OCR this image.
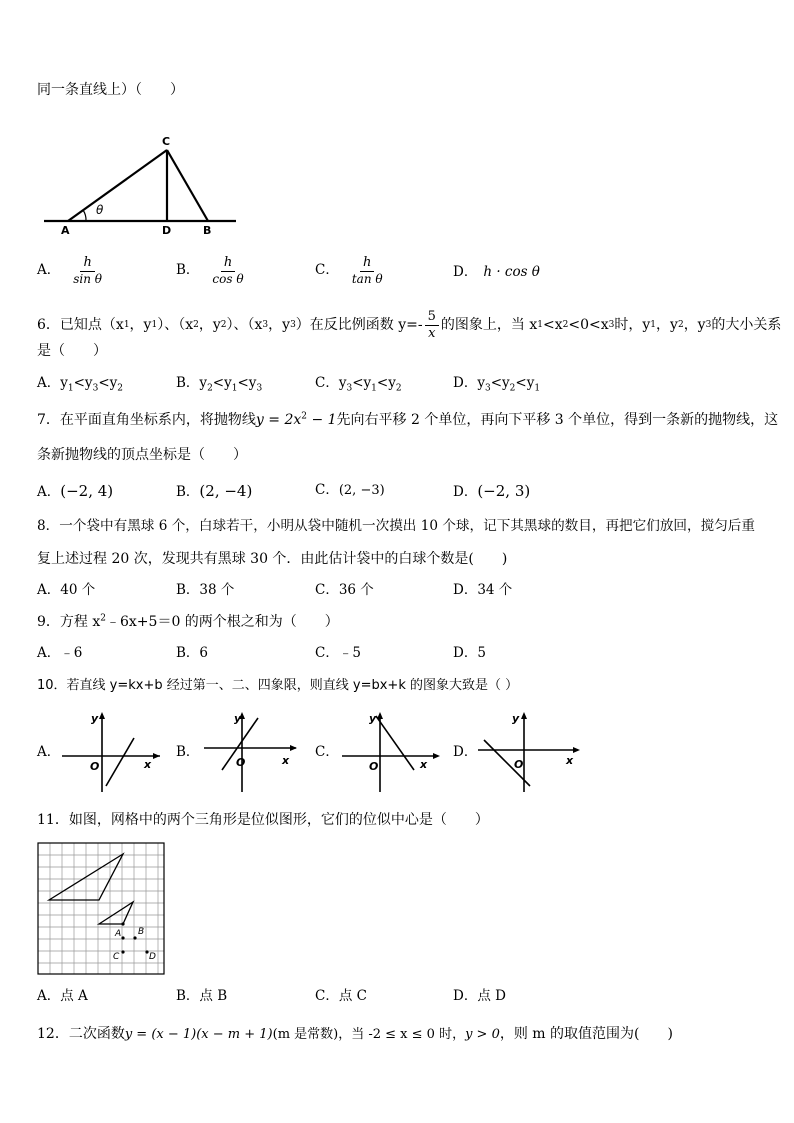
同一条直线上）（　　）
C
A	D	B
θ
A． $\frac{h}{\text{sin θ}}$	B． $\frac{h}{\text{cos θ}}$	C． $\frac{h}{\text{tan θ}}$	D． h · cos θ
6．已知点（x 1 ，y 1 ）、（x 2 ，y 2 ）、（x 3 ，y 3 ）在反比例函数 $y=- \frac{5}{x}$ 的图象上，当 x 1 <x 2 <0<x 3 时，y 1 ，y 2 ，y 3 的大小关系
是（　　）
A．$y_1<y_3<y_2$	B．$y_2<y_1<y_3$	C．$y_3<y_1<y_2$	D．$y_3<y_2<y_1$
7．在平面直角坐标系内，将抛物线$y = 2x^2 - 1$先向右平移 2 个单位，再向下平移 3 个单位，得到一条新的抛物线，这
条新抛物线的顶点坐标是（　　）
A．(−2, 4)	B．(2, −4)	C．(2, −3)	D．(−2, 3)
8．一个袋中有黑球 6 个，白球若干，小明从袋中随机一次摸出 10 个球，记下其黑球的数目，再把它们放回，搅匀后重
复上述过程 20 次，发现共有黑球 30 个．由此估计袋中的白球个数是(　　)
A．40 个	B．38 个	C．36 个	D．34 个
9．方程 $x^2﹣6x+5=0$ 的两个根之和为（　　）
A．﹣6	B．6	C．﹣5	D．5
10．若直线 y=kx+b 经过第一、二、四象限，则直线 y=bx+k 的图象大致是（ ）
A．
y
x
O
B．
y
x
O
C．
y
x
O
D．
y
x
O
11．如图，网格中的两个三角形是位似图形，它们的位似中心是（　　）
A B
C	D
A．点 A	B．点 B	C．点 C	D．点 D
12．二次函数y = (x − 1)(x − m + 1)(m 是常数)，当 -2 ≤ x ≤ 0 时，y > 0，则 m 的取值范围为(　　)
